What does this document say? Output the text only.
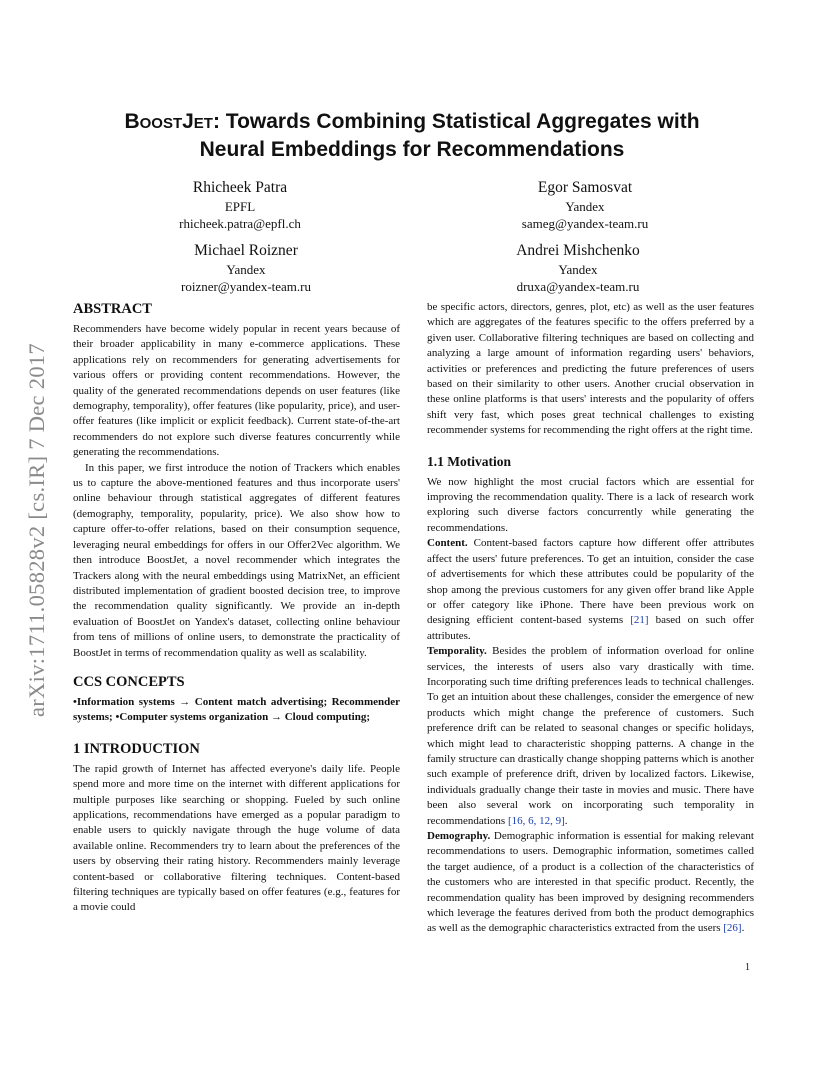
arXiv:1711.05828v2 [cs.IR] 7 Dec 2017
BoostJet: Towards Combining Statistical Aggregates with
Neural Embeddings for Recommendations
Rhicheek Patra
EPFL
rhicheek.patra@epfl.ch
Egor Samosvat
Yandex
sameg@yandex-team.ru
Michael Roizner
Yandex
roizner@yandex-team.ru
Andrei Mishchenko
Yandex
druxa@yandex-team.ru
ABSTRACT

Recommenders have become widely popular in recent years because of their broader applicability in many e-commerce applications. These applications rely on recommenders for generating advertisements for various offers or providing content recommendations. However, the quality of the generated recommendations depends on user features (like demography, temporality), offer features (like popularity, price), and user-offer features (like implicit or explicit feedback). Current state-of-the-art recommenders do not explore such diverse features concurrently while generating the recommendations.

In this paper, we first introduce the notion of Trackers which enables us to capture the above-mentioned features and thus incorporate users' online behaviour through statistical aggregates of different features (demography, temporality, popularity, price). We also show how to capture offer-to-offer relations, based on their consumption sequence, leveraging neural embeddings for offers in our Offer2Vec algorithm. We then introduce BoostJet, a novel recommender which integrates the Trackers along with the neural embeddings using MatrixNet, an efficient distributed implementation of gradient boosted decision tree, to improve the recommendation quality significantly. We provide an in-depth evaluation of BoostJet on Yandex's dataset, collecting online behaviour from tens of millions of online users, to demonstrate the practicality of BoostJet in terms of recommendation quality as well as scalability.

CCS CONCEPTS

•Information systems → Content match advertising; Recommender systems; •Computer systems organization → Cloud computing;

1 INTRODUCTION

The rapid growth of Internet has affected everyone's daily life. People spend more and more time on the internet with different applications for multiple purposes like searching or shopping. Fueled by such online applications, recommendations have emerged as a popular paradigm to enable users to quickly navigate through the huge volume of data available online. Recommenders try to learn about the preferences of the users by observing their rating history. Recommenders mainly leverage content-based or collaborative filtering techniques. Content-based filtering techniques are typically based on offer features (e.g., features for a movie could

be specific actors, directors, genres, plot, etc) as well as the user features which are aggregates of the features specific to the offers preferred by a given user. Collaborative filtering techniques are based on collecting and analyzing a large amount of information regarding users' behaviors, activities or preferences and predicting the future preferences of users based on their similarity to other users. Another crucial observation in these online platforms is that users' interests and the popularity of offers shift very fast, which poses great technical challenges to existing recommender systems for recommending the right offers at the right time.

1.1 Motivation

We now highlight the most crucial factors which are essential for improving the recommendation quality. There is a lack of research work exploring such diverse factors concurrently while generating the recommendations.

Content. Content-based factors capture how different offer attributes affect the users' future preferences. To get an intuition, consider the case of advertisements for which these attributes could be popularity of the shop among the previous customers for any given offer brand like Apple or offer category like iPhone. There have been previous work on designing efficient content-based systems [21] based on such offer attributes.

Temporality. Besides the problem of information overload for online services, the interests of users also vary drastically with time. Incorporating such time drifting preferences leads to technical challenges. To get an intuition about these challenges, consider the emergence of new products which might change the preference of customers. Such preference drift can be related to seasonal changes or specific holidays, which might lead to characteristic shopping patterns. A change in the family structure can drastically change shopping patterns which is another such example of preference drift, driven by localized factors. Likewise, individuals gradually change their taste in movies and music. There have been also several work on incorporating such temporality in recommendations [16, 6, 12, 9].

Demography. Demographic information is essential for making relevant recommendations to users. Demographic information, sometimes called the target audience, of a product is a collection of the characteristics of the customers who are interested in that specific product. Recently, the recommendation quality has been improved by designing recommenders which leverage the features derived from both the product demographics as well as the demographic characteristics extracted from the users [26].

1
